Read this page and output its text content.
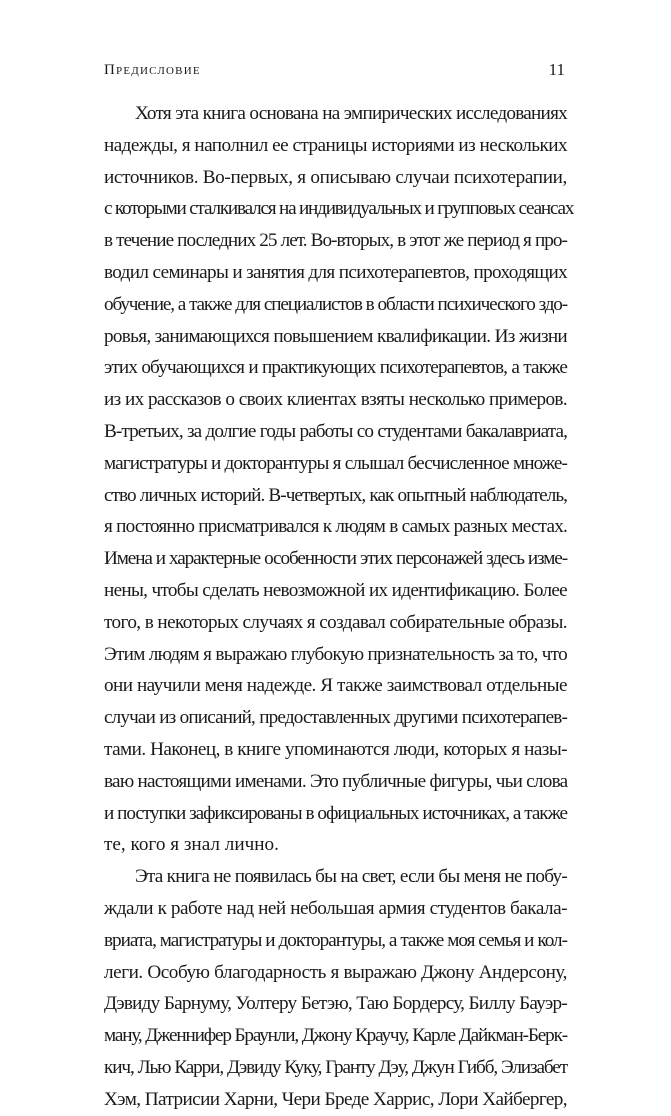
Предисловие	11
Хотя эта книга основана на эмпирических исследованиях
надежды, я наполнил ее страницы историями из нескольких
источников. Во-первых, я описываю случаи психотерапии,
с которыми сталкивался на индивидуальных и групповых сеансах
в течение последних 25 лет. Во-вторых, в этот же период я про-
водил семинары и занятия для психотерапевтов, проходящих
обучение, а также для специалистов в области психического здо-
ровья, занимающихся повышением квалификации. Из жизни
этих обучающихся и практикующих психотерапевтов, а также
из их рассказов о своих клиентах взяты несколько примеров.
В-третьих, за долгие годы работы со студентами бакалавриата,
магистратуры и докторантуры я слышал бесчисленное множе-
ство личных историй. В-четвертых, как опытный наблюдатель,
я постоянно присматривался к людям в самых разных местах.
Имена и характерные особенности этих персонажей здесь изме-
нены, чтобы сделать невозможной их идентификацию. Более
того, в некоторых случаях я создавал собирательные образы.
Этим людям я выражаю глубокую признательность за то, что
они научили меня надежде. Я также заимствовал отдельные
случаи из описаний, предоставленных другими психотерапев-
тами. Наконец, в книге упоминаются люди, которых я назы-
ваю настоящими именами. Это публичные фигуры, чьи слова
и поступки зафиксированы в официальных источниках, а также
те, кого я знал лично.
Эта книга не появилась бы на свет, если бы меня не побу-
ждали к работе над ней небольшая армия студентов бакала-
вриата, магистратуры и докторантуры, а также моя семья и кол-
леги. Особую благодарность я выражаю Джону Андерсону,
Дэвиду Барнуму, Уолтеру Бетэю, Таю Бордерсу, Биллу Бауэр-
ману, Дженнифер Браунли, Джону Краучу, Карле Дайкман-Берк-
кич, Лью Карри, Дэвиду Куку, Гранту Дэу, Джун Гибб, Элизабет
Хэм, Патрисии Харни, Чери Бреде Харрис, Лори Хайбергер,
